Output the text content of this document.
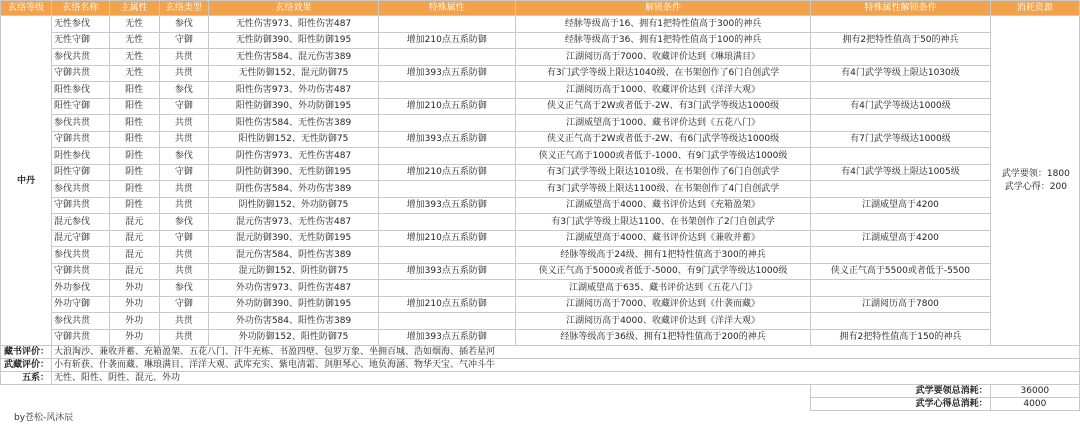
玄络等级	玄络名称	主属性	玄络类型	玄络效果	特殊属性	解锁条件	特殊属性解锁条件	消耗资源
中丹	无性参伐	无性	参伐	无性伤害973、阳性伤害487		经脉等级高于16、拥有1把特性值高于300的神兵		武学要领：1800
武学心得：200

	无性守御	无性	守御	无性防御390、阳性防御195	增加210点五系防御	经脉等级高于36、拥有1把特性值高于100的神兵	拥有2把特性值高于50的神兵	
	参伐共贯	无性	共贯	无性伤害584、混元伤害389		江湖阅历高于7000、收藏评价达到《琳琅满目》		
	守御共贯	无性	共贯	无性防御152、混元防御75	增加393点五系防御	有3门武学等级上限达1040级、在书架创作了6门自创武学	有4门武学等级上限达1030级	
	阳性参伐	阳性	参伐	阳性伤害973、外功伤害487		江湖阅历高于1000、收藏评价达到《洋洋大观》		
	阳性守御	阳性	守御	阳性防御390、外功防御195	增加210点五系防御	侠义正气高于2W或者低于-2W、有3门武学等级达1000级	有4门武学等级达1000级	
	参伐共贯	阳性	共贯	阳性伤害584、无性伤害389		江湖威望高于1000、藏书评价达到《五花八门》		
	守御共贯	阳性	共贯	阳性防御152、无性防御75	增加393点五系防御	侠义正气高于2W或者低于-2W、有6门武学等级达1000级	有7门武学等级达1000级	
	阴性参伐	阴性	参伐	阴性伤害973、无性伤害487		侠义正气高于1000或者低于-1000、有9门武学等级达1000级		
	阴性守御	阴性	守御	阴性防御390、无性防御195	增加210点五系防御	有3门武学等级上限达1010级、在书架创作了6门自创武学	有4门武学等级上限达1005级	
	参伐共贯	阴性	共贯	阴性伤害584、外功伤害389		有3门武学等级上限达1100级、在书架创作了4门自创武学		
	守御共贯	阴性	共贯	阴性防御152、外功防御75	增加393点五系防御	江湖威望高于4000、藏书评价达到《充箱盈架》	江湖威望高于4200	
	混元参伐	混元	参伐	混元伤害973、无性伤害487		有3门武学等级上限达1100、在书架创作了2门自创武学		
	混元守御	混元	守御	混元防御390、无性防御195	增加210点五系防御	江湖威望高于4000、藏书评价达到《兼收并蓄》	江湖威望高于4200	
	参伐共贯	混元	共贯	混元伤害584、阴性伤害389		经脉等级高于24级、拥有1把特性值高于300的神兵		
	守御共贯	混元	共贯	混元防御152、阴性防御75	增加393点五系防御	侠义正气高于5000或者低于-5000、有9门武学等级达1000级	侠义正气高于5500或者低于-5500	
	外功参伐	外功	参伐	外功伤害973、阴性伤害487		江湖威望高于635、藏书评价达到《五花八门》		
	外功守御	外功	守御	外功防御390、阴性防御195	增加210点五系防御	江湖阅历高于7000、收藏评价达到《什袭而藏》	江湖阅历高于7800	
	参伐共贯	外功	共贯	外功伤害584、阳性伤害389		江湖阅历高于4000、收藏评价达到《洋洋大观》		
	守御共贯	外功	共贯	外功防御152、阳性防御75	增加393点五系防御	经脉等级高于36级、拥有1把特性值高于200的神兵	拥有2把特性值高于150的神兵	
藏书评价：	大浪淘沙、兼收并蓄、充箱盈架、五花八门、汗牛充栋、书盈四壁、包罗万象、坐拥百城、浩如烟海、插若星河							
武藏评价：	小有斩获、什袭而藏、琳琅满目、洋洋大观、武库充实、紫电清霜、剑胆琴心、地负海涵、物华天宝、气冲斗牛							
五系：	无性、阳性、阴性、混元、外功							
							武学要领总消耗：	36000
							武学心得总消耗：	4000
by苍松-风沐辰
